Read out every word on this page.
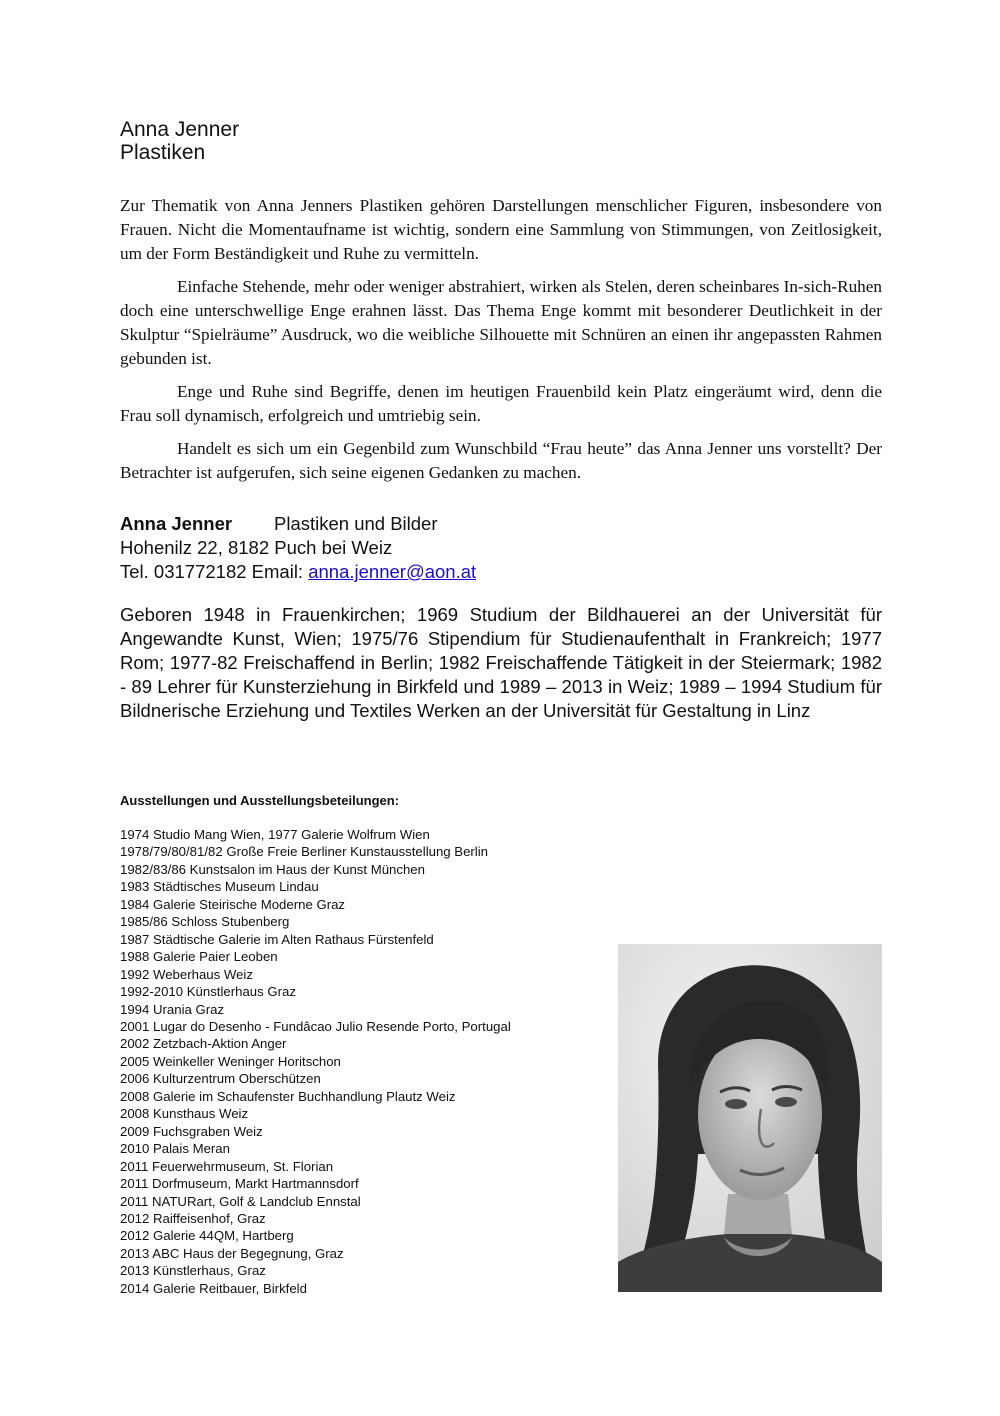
Anna Jenner
Plastiken

Zur Thematik von Anna Jenners Plastiken gehören Darstellungen menschlicher Figuren, insbesondere von Frauen. Nicht die Momentaufname ist wichtig, sondern eine Sammlung von Stimmungen, von Zeitlosigkeit, um der Form Beständigkeit und Ruhe zu vermitteln.

Einfache Stehende, mehr oder weniger abstrahiert, wirken als Stelen, deren scheinbares In-sich-Ruhen doch eine unterschwellige Enge erahnen lässt. Das Thema Enge kommt mit besonderer Deutlichkeit in der Skulptur “Spielräume” Ausdruck, wo die weibliche Silhouette mit Schnüren an einen ihr angepassten Rahmen gebunden ist.

Enge und Ruhe sind Begriffe, denen im heutigen Frauenbild kein Platz eingeräumt wird, denn die Frau soll dynamisch, erfolgreich und umtriebig sein.

Handelt es sich um ein Gegenbild zum Wunschbild “Frau heute” das Anna Jenner uns vorstellt? Der Betrachter ist aufgerufen, sich seine eigenen Gedanken zu machen.

Anna Jenner Plastiken und Bilder
Hohenilz 22, 8182 Puch bei Weiz
Tel. 031772182 Email: anna.jenner@aon.at
Geboren 1948 in Frauenkirchen; 1969 Studium der Bildhauerei an der Universität für Angewandte Kunst, Wien; 1975/76 Stipendium für Studienaufenthalt in Frankreich; 1977 Rom; 1977-82 Freischaffend in Berlin; 1982 Freischaffende Tätigkeit in der Steiermark; 1982 - 89 Lehrer für Kunsterziehung in Birkfeld und 1989 – 2013 in Weiz; 1989 – 1994 Studium für Bildnerische Erziehung und Textiles Werken an der Universität für Gestaltung in Linz
Ausstellungen und Ausstellungsbeteilungen:
1974 Studio Mang Wien, 1977 Galerie Wolfrum Wien
1978/79/80/81/82 Große Freie Berliner Kunstausstellung Berlin
1982/83/86 Kunstsalon im Haus der Kunst München
1983 Städtisches Museum Lindau
1984 Galerie Steirische Moderne Graz
1985/86 Schloss Stubenberg
1987 Städtische Galerie im Alten Rathaus Fürstenfeld
1988 Galerie Paier Leoben
1992 Weberhaus Weiz
1992-2010 Künstlerhaus Graz
1994 Urania Graz
2001 Lugar do Desenho - Fundâcao Julio Resende Porto, Portugal
2002 Zetzbach-Aktion Anger
2005 Weinkeller Weninger Horitschon
2006 Kulturzentrum Oberschützen
2008 Galerie im Schaufenster Buchhandlung Plautz Weiz
2008 Kunsthaus Weiz
2009 Fuchsgraben Weiz
2010 Palais Meran
2011 Feuerwehrmuseum, St. Florian
2011 Dorfmuseum, Markt Hartmannsdorf
2011 NATURart, Golf & Landclub Ennstal
2012 Raiffeisenhof, Graz
2012 Galerie 44QM, Hartberg
2013 ABC Haus der Begegnung, Graz
2013 Künstlerhaus, Graz
2014 Galerie Reitbauer, Birkfeld
